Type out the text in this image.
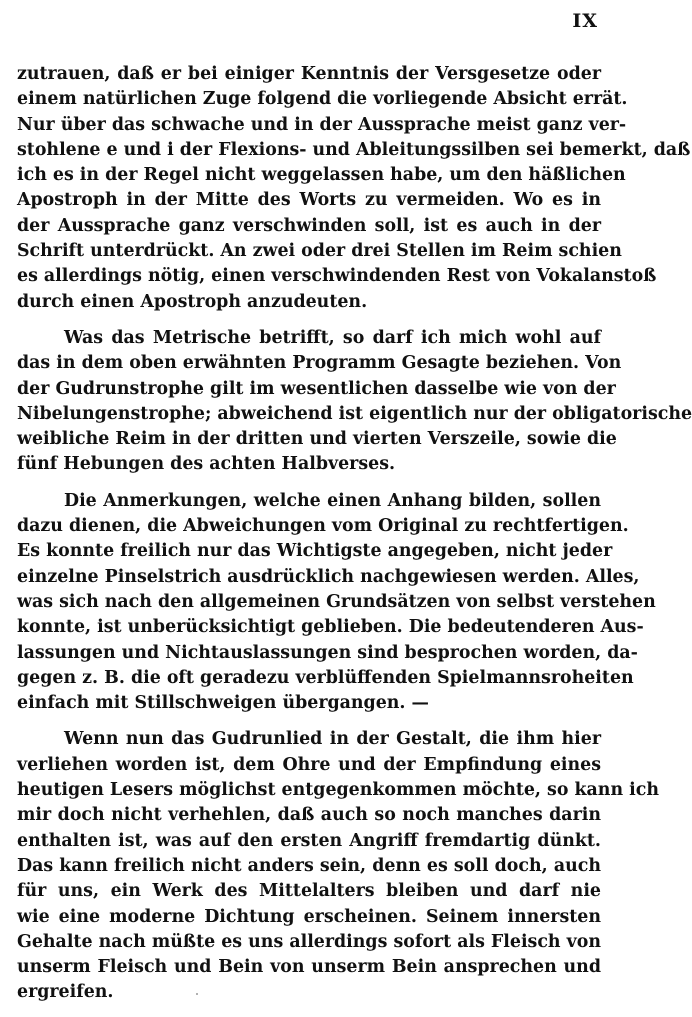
IX

zutrauen, daß er bei einiger Kenntnis der Versgesetze oder
einem natürlichen Zuge folgend die vorliegende Absicht errät.
Nur über das schwache und in der Aussprache meist ganz ver-
stohlene e und i der Flexions- und Ableitungssilben sei bemerkt, daß
ich es in der Regel nicht weggelassen habe, um den häßlichen
Apostroph in der Mitte des Worts zu vermeiden. Wo es in
der Aussprache ganz verschwinden soll, ist es auch in der
Schrift unterdrückt. An zwei oder drei Stellen im Reim schien
es allerdings nötig, einen verschwindenden Rest von Vokalanstoß
durch einen Apostroph anzudeuten.

Was das Metrische betrifft, so darf ich mich wohl auf
das in dem oben erwähnten Programm Gesagte beziehen. Von
der Gudrunstrophe gilt im wesentlichen dasselbe wie von der
Nibelungenstrophe; abweichend ist eigentlich nur der obligatorische
weibliche Reim in der dritten und vierten Verszeile, sowie die
fünf Hebungen des achten Halbverses.

Die Anmerkungen, welche einen Anhang bilden, sollen
dazu dienen, die Abweichungen vom Original zu rechtfertigen.
Es konnte freilich nur das Wichtigste angegeben, nicht jeder
einzelne Pinselstrich ausdrücklich nachgewiesen werden. Alles,
was sich nach den allgemeinen Grundsätzen von selbst verstehen
konnte, ist unberücksichtigt geblieben. Die bedeutenderen Aus-
lassungen und Nichtauslassungen sind besprochen worden, da-
gegen z. B. die oft geradezu verblüffenden Spielmannsroheiten
einfach mit Stillschweigen übergangen. —

Wenn nun das Gudrunlied in der Gestalt, die ihm hier
verliehen worden ist, dem Ohre und der Empfindung eines
heutigen Lesers möglichst entgegenkommen möchte, so kann ich
mir doch nicht verhehlen, daß auch so noch manches darin
enthalten ist, was auf den ersten Angriff fremdartig dünkt.
Das kann freilich nicht anders sein, denn es soll doch, auch
für uns, ein Werk des Mittelalters bleiben und darf nie
wie eine moderne Dichtung erscheinen. Seinem innersten
Gehalte nach müßte es uns allerdings sofort als Fleisch von
unserm Fleisch und Bein von unserm Bein ansprechen und
ergreifen.
